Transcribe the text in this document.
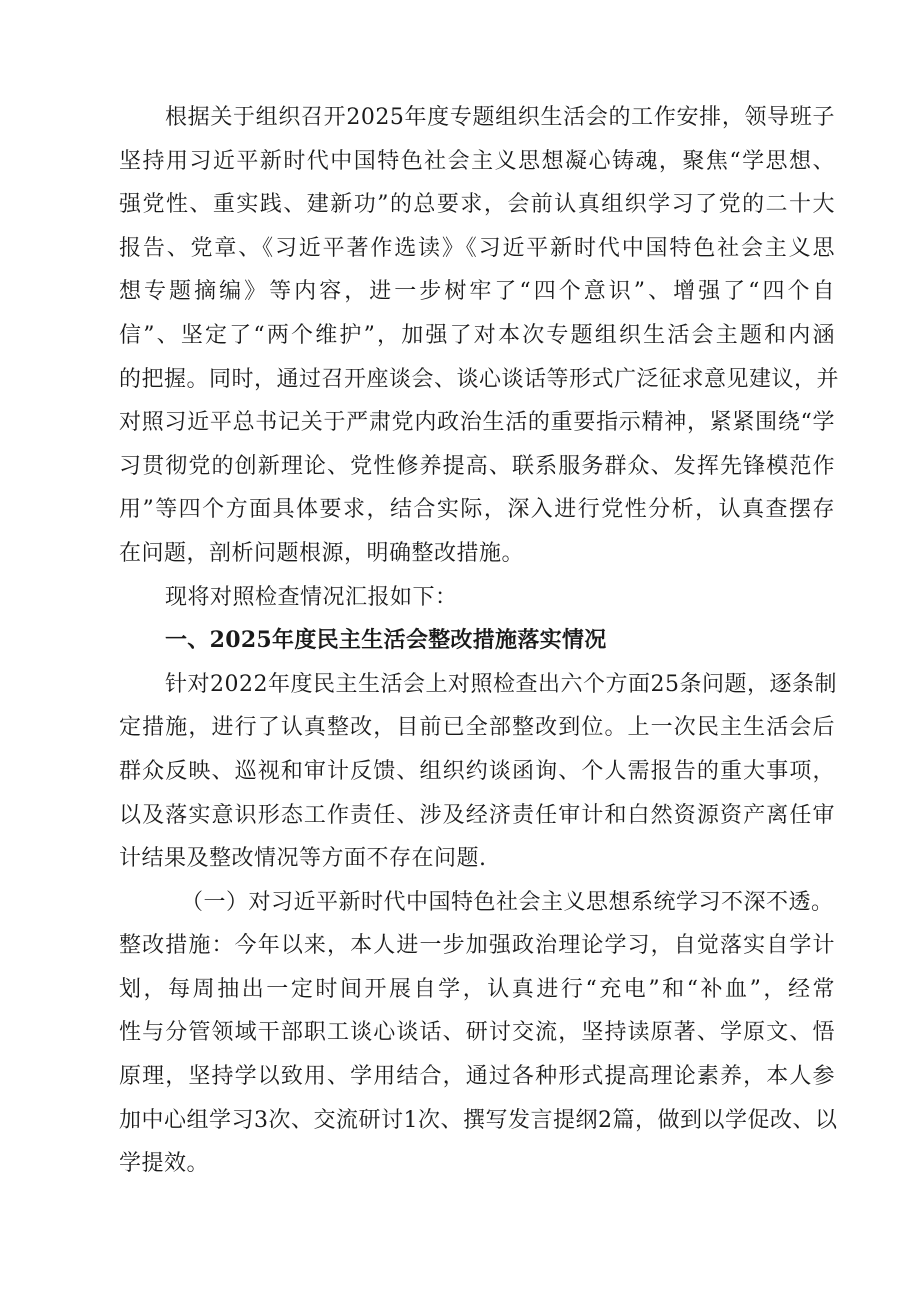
根据关于组织召开2025年度专题组织生活会的工作安排，领导班子
坚持用习近平新时代中国特色社会主义思想凝心铸魂，聚焦“学思想、
强党性、重实践、建新功”的总要求，会前认真组织学习了党的二十大
报告、党章、《习近平著作选读》《习近平新时代中国特色社会主义思
想专题摘编》等内容，进一步树牢了“四个意识”、增强了“四个自
信”、坚定了“两个维护”，加强了对本次专题组织生活会主题和内涵
的把握。同时，通过召开座谈会、谈心谈话等形式广泛征求意见建议，并
对照习近平总书记关于严肃党内政治生活的重要指示精神，紧紧围绕“学
习贯彻党的创新理论、党性修养提高、联系服务群众、发挥先锋模范作
用”等四个方面具体要求，结合实际，深入进行党性分析，认真查摆存
在问题，剖析问题根源，明确整改措施。
现将对照检查情况汇报如下：
一、2025年度民主生活会整改措施落实情况
针对2022年度民主生活会上对照检查出六个方面25条问题，逐条制
定措施，进行了认真整改，目前已全部整改到位。上一次民主生活会后
群众反映、巡视和审计反馈、组织约谈函询、个人需报告的重大事项，
以及落实意识形态工作责任、涉及经济责任审计和白然资源资产离任审
计结果及整改情况等方面不存在问题.
（一）对习近平新时代中国特色社会主义思想系统学习不深不透。
整改措施：今年以来，本人进一步加强政治理论学习，自觉落实自学计
划，每周抽出一定时间开展自学，认真进行“充电”和“补血”，经常
性与分管领域干部职工谈心谈话、研讨交流，坚持读原著、学原文、悟
原理，坚持学以致用、学用结合，通过各种形式提高理论素养，本人参
加中心组学习3次、交流研讨1次、撰写发言提纲2篇，做到以学促改、以
学提效。
